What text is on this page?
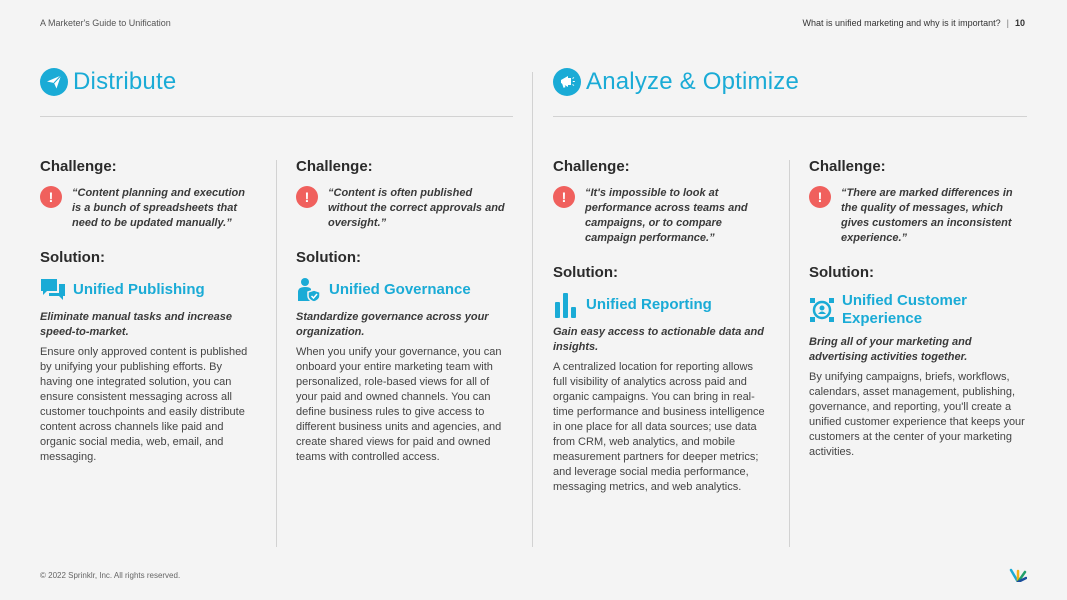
A Marketer's Guide to Unification	What is unified marketing and why is it important? | 10
Distribute	Analyze & Optimize
Challenge:
!	“Content planning and execution is a bunch of spreadsheets that need to be updated manually.”

Solution:
Unified Publishing

Eliminate manual tasks and increase speed-to-market.

Ensure only approved content is published by unifying your publishing efforts. By having one integrated solution, you can ensure consistent messaging across all customer touchpoints and easily distribute content across channels like paid and organic social media, web, email, and messaging.

Challenge:
!	“Content is often published without the correct approvals and oversight.”

Solution:
Unified Governance

Standardize governance across your organization.

When you unify your governance, you can onboard your entire marketing team with personalized, role-based views for all of your paid and owned channels. You can define business rules to give access to different business units and agencies, and create shared views for paid and owned teams with controlled access.

Challenge:
!	“It's impossible to look at performance across teams and campaigns, or to compare campaign performance.”

Solution:
Unified Reporting

Gain easy access to actionable data and insights.

A centralized location for reporting allows full visibility of analytics across paid and organic campaigns. You can bring in real-time performance and business intelligence in one place for all data sources; use data from CRM, web analytics, and mobile measurement partners for deeper metrics; and leverage social media performance, messaging metrics, and web analytics.

Challenge:
!	“There are marked differences in the quality of messages, which gives customers an inconsistent experience.”

Solution:
Unified Customer Experience

Bring all of your marketing and advertising activities together.

By unifying campaigns, briefs, workflows, calendars, asset management, publishing, governance, and reporting, you'll create a unified customer experience that keeps your customers at the center of your marketing activities.

© 2022 Sprinklr, Inc. All rights reserved.
